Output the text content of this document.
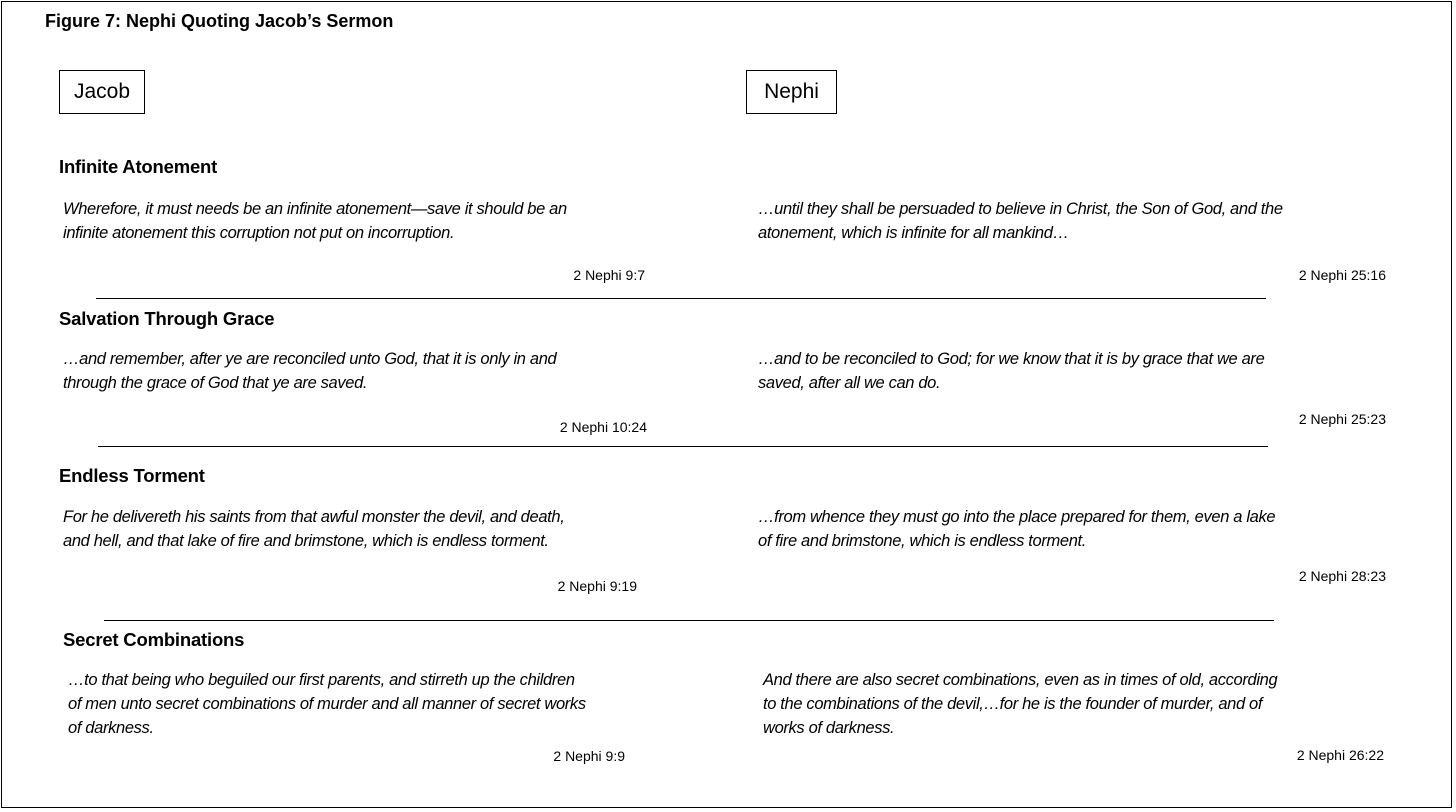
Figure 7: Nephi Quoting Jacob’s Sermon
Jacob	Nephi
Infinite Atonement
Wherefore, it must needs be an infinite atonement—save it should be an
infinite atonement this corruption not put on incorruption.
2 Nephi 9:7
…until they shall be persuaded to believe in Christ, the Son of God, and the
atonement, which is infinite for all mankind…
2 Nephi 25:16
Salvation Through Grace
…and remember, after ye are reconciled unto God, that it is only in and
through the grace of God that ye are saved.
2 Nephi 10:24
…and to be reconciled to God; for we know that it is by grace that we are
saved, after all we can do.
2 Nephi 25:23
Endless Torment
For he delivereth his saints from that awful monster the devil, and death,
and hell, and that lake of fire and brimstone, which is endless torment.
2 Nephi 9:19
…from whence they must go into the place prepared for them, even a lake
of fire and brimstone, which is endless torment.
2 Nephi 28:23
Secret Combinations
…to that being who beguiled our first parents, and stirreth up the children
of men unto secret combinations of murder and all manner of secret works
of darkness.
2 Nephi 9:9
And there are also secret combinations, even as in times of old, according
to the combinations of the devil,…for he is the founder of murder, and of
works of darkness.
2 Nephi 26:22
